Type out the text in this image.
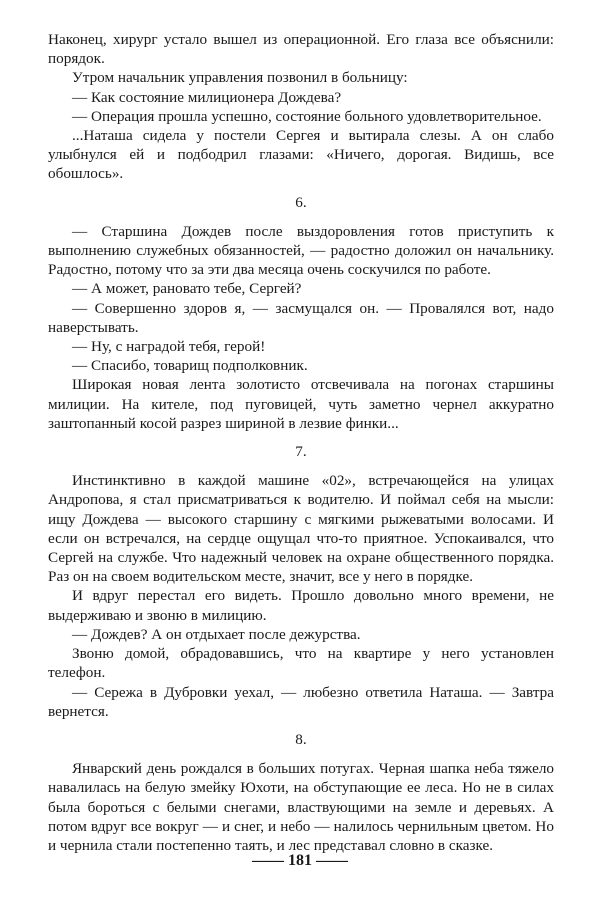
Наконец, хирург устало вышел из операционной. Его глаза все объяснили: порядок.

Утром начальник управления позвонил в больницу:

— Как состояние милиционера Дождева?

— Операция прошла успешно, состояние больного удовлетворительное.

...Наташа сидела у постели Сергея и вытирала слезы. А он слабо улыбнулся ей и подбодрил глазами: «Ничего, дорогая. Видишь, все обошлось».

6.

— Старшина Дождев после выздоровления готов приступить к выполнению служебных обязанностей, — радостно доложил он начальнику. Радостно, потому что за эти два месяца очень соскучился по работе.

— А может, рановато тебе, Сергей?

— Совершенно здоров я, — засмущался он. — Провалялся вот, надо наверстывать.

— Ну, с наградой тебя, герой!

— Спасибо, товарищ подполковник.

Широкая новая лента золотисто отсвечивала на погонах старшины милиции. На кителе, под пуговицей, чуть заметно чернел аккуратно заштопанный косой разрез шириной в лезвие финки...

7.

Инстинктивно в каждой машине «02», встречающейся на улицах Андропова, я стал присматриваться к водителю. И поймал себя на мысли: ищу Дождева — высокого старшину с мягкими рыжеватыми волосами. И если он встречался, на сердце ощущал что-то приятное. Успокаивался, что Сергей на службе. Что надежный человек на охране общественного порядка. Раз он на своем водительском месте, значит, все у него в порядке.

И вдруг перестал его видеть. Прошло довольно много времени, не выдерживаю и звоню в милицию.

— Дождев? А он отдыхает после дежурства.

Звоню домой, обрадовавшись, что на квартире у него установлен телефон.

— Сережа в Дубровки уехал, — любезно ответила Наташа. — Завтра вернется.

8.

Январский день рождался в больших потугах. Черная шапка неба тяжело навалилась на белую змейку Юхоти, на обступающие ее леса. Но не в силах была бороться с белыми снегами, властвующими на земле и деревьях. А потом вдруг все вокруг — и снег, и небо — налилось чернильным цветом. Но и чернила стали постепенно таять, и лес представал словно в сказке.

—— 181 ——
